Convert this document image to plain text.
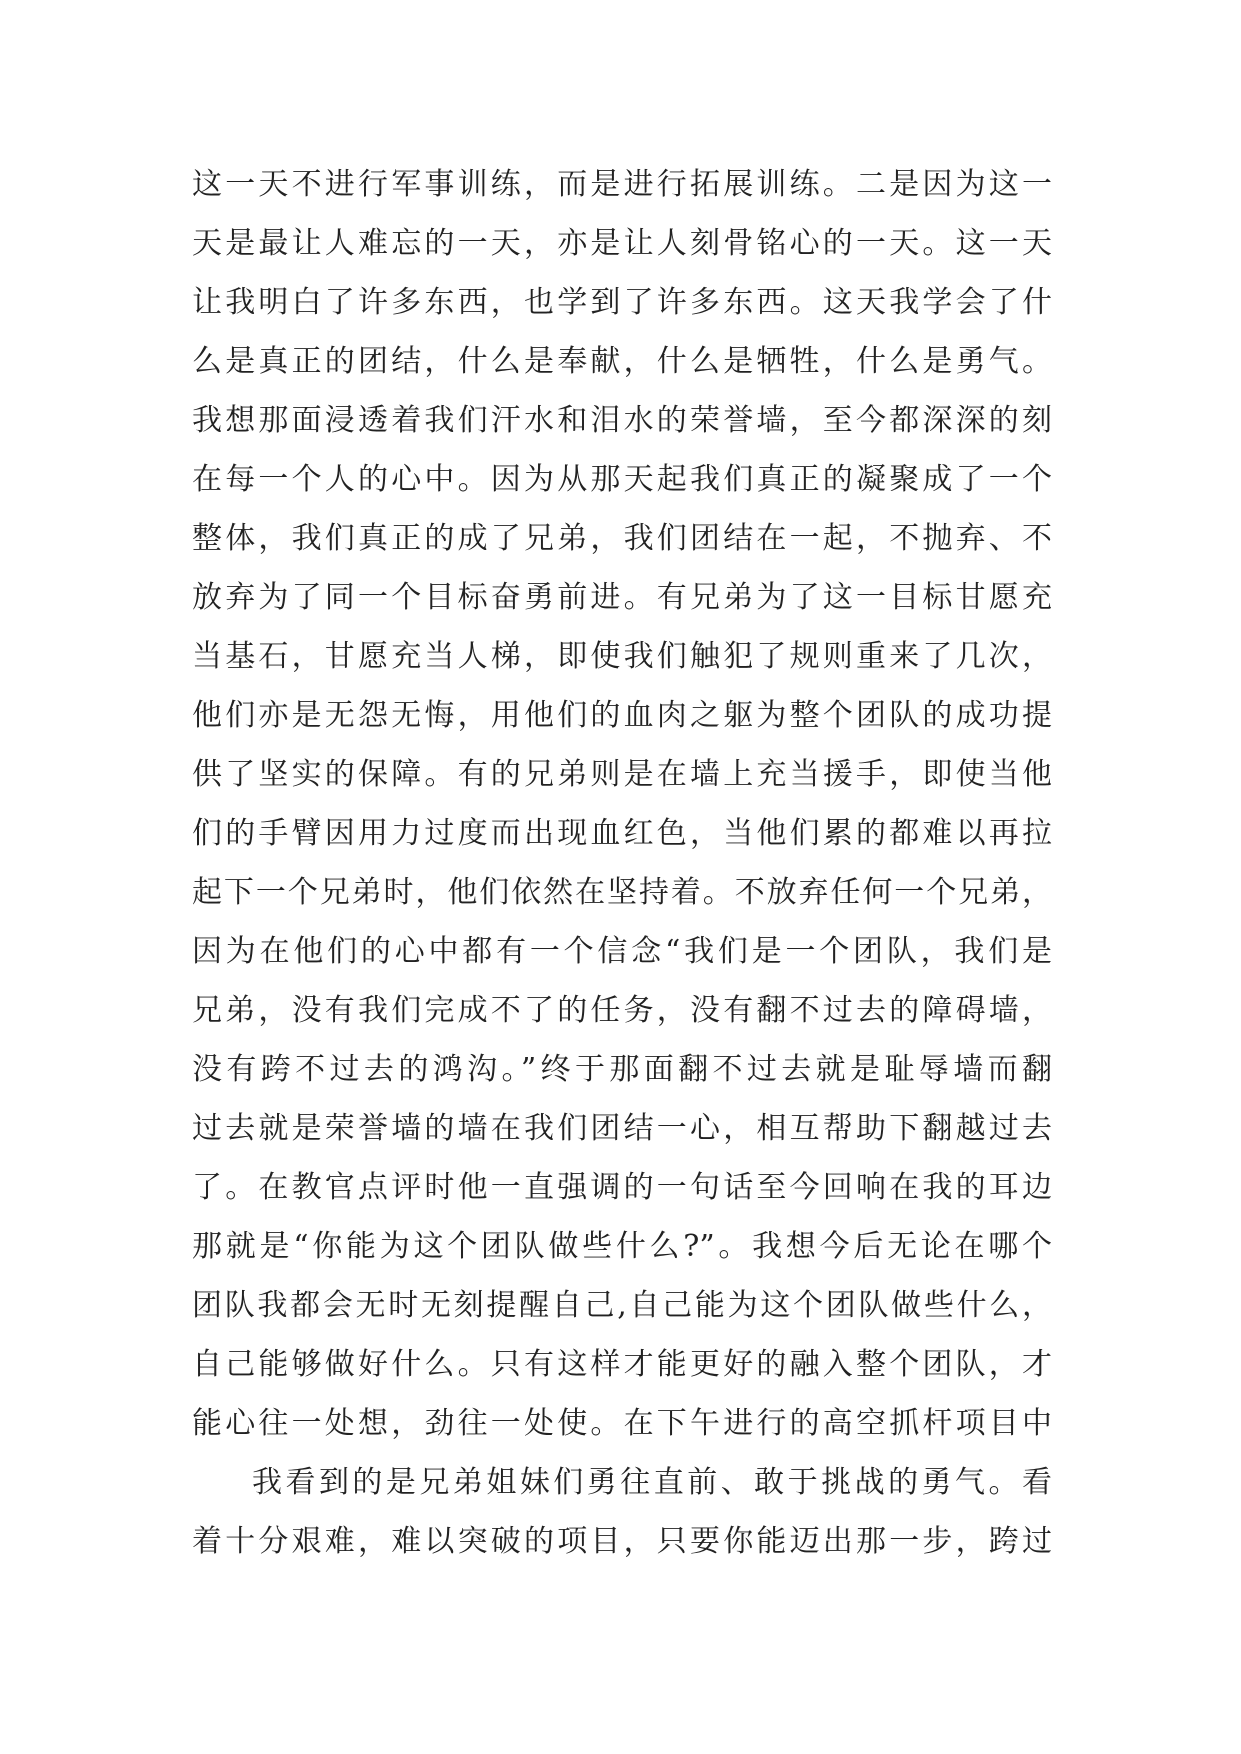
这一天不进行军事训练，而是进行拓展训练。二是因为这一
天是最让人难忘的一天，亦是让人刻骨铭心的一天。这一天
让我明白了许多东西，也学到了许多东西。这天我学会了什
么是真正的团结，什么是奉献，什么是牺牲，什么是勇气。
我想那面浸透着我们汗水和泪水的荣誉墙，至今都深深的刻
在每一个人的心中。因为从那天起我们真正的凝聚成了一个
整体，我们真正的成了兄弟，我们团结在一起，不抛弃、不
放弃为了同一个目标奋勇前进。有兄弟为了这一目标甘愿充
当基石，甘愿充当人梯，即使我们触犯了规则重来了几次，
他们亦是无怨无悔，用他们的血肉之躯为整个团队的成功提
供了坚实的保障。有的兄弟则是在墙上充当援手，即使当他
们的手臂因用力过度而出现血红色，当他们累的都难以再拉
起下一个兄弟时，他们依然在坚持着。不放弃任何一个兄弟，
因为在他们的心中都有一个信念“我们是一个团队，我们是
兄弟，没有我们完成不了的任务，没有翻不过去的障碍墙，
没有跨不过去的鸿沟。”终于那面翻不过去就是耻辱墙而翻
过去就是荣誉墙的墙在我们团结一心，相互帮助下翻越过去
了。在教官点评时他一直强调的一句话至今回响在我的耳边
那就是“你能为这个团队做些什么?”。我想今后无论在哪个
团队我都会无时无刻提醒自己,自己能为这个团队做些什么，
自己能够做好什么。只有这样才能更好的融入整个团队，才
能心往一处想，劲往一处使。在下午进行的高空抓杆项目中
我看到的是兄弟姐妹们勇往直前、敢于挑战的勇气。看
着十分艰难，难以突破的项目，只要你能迈出那一步，跨过
